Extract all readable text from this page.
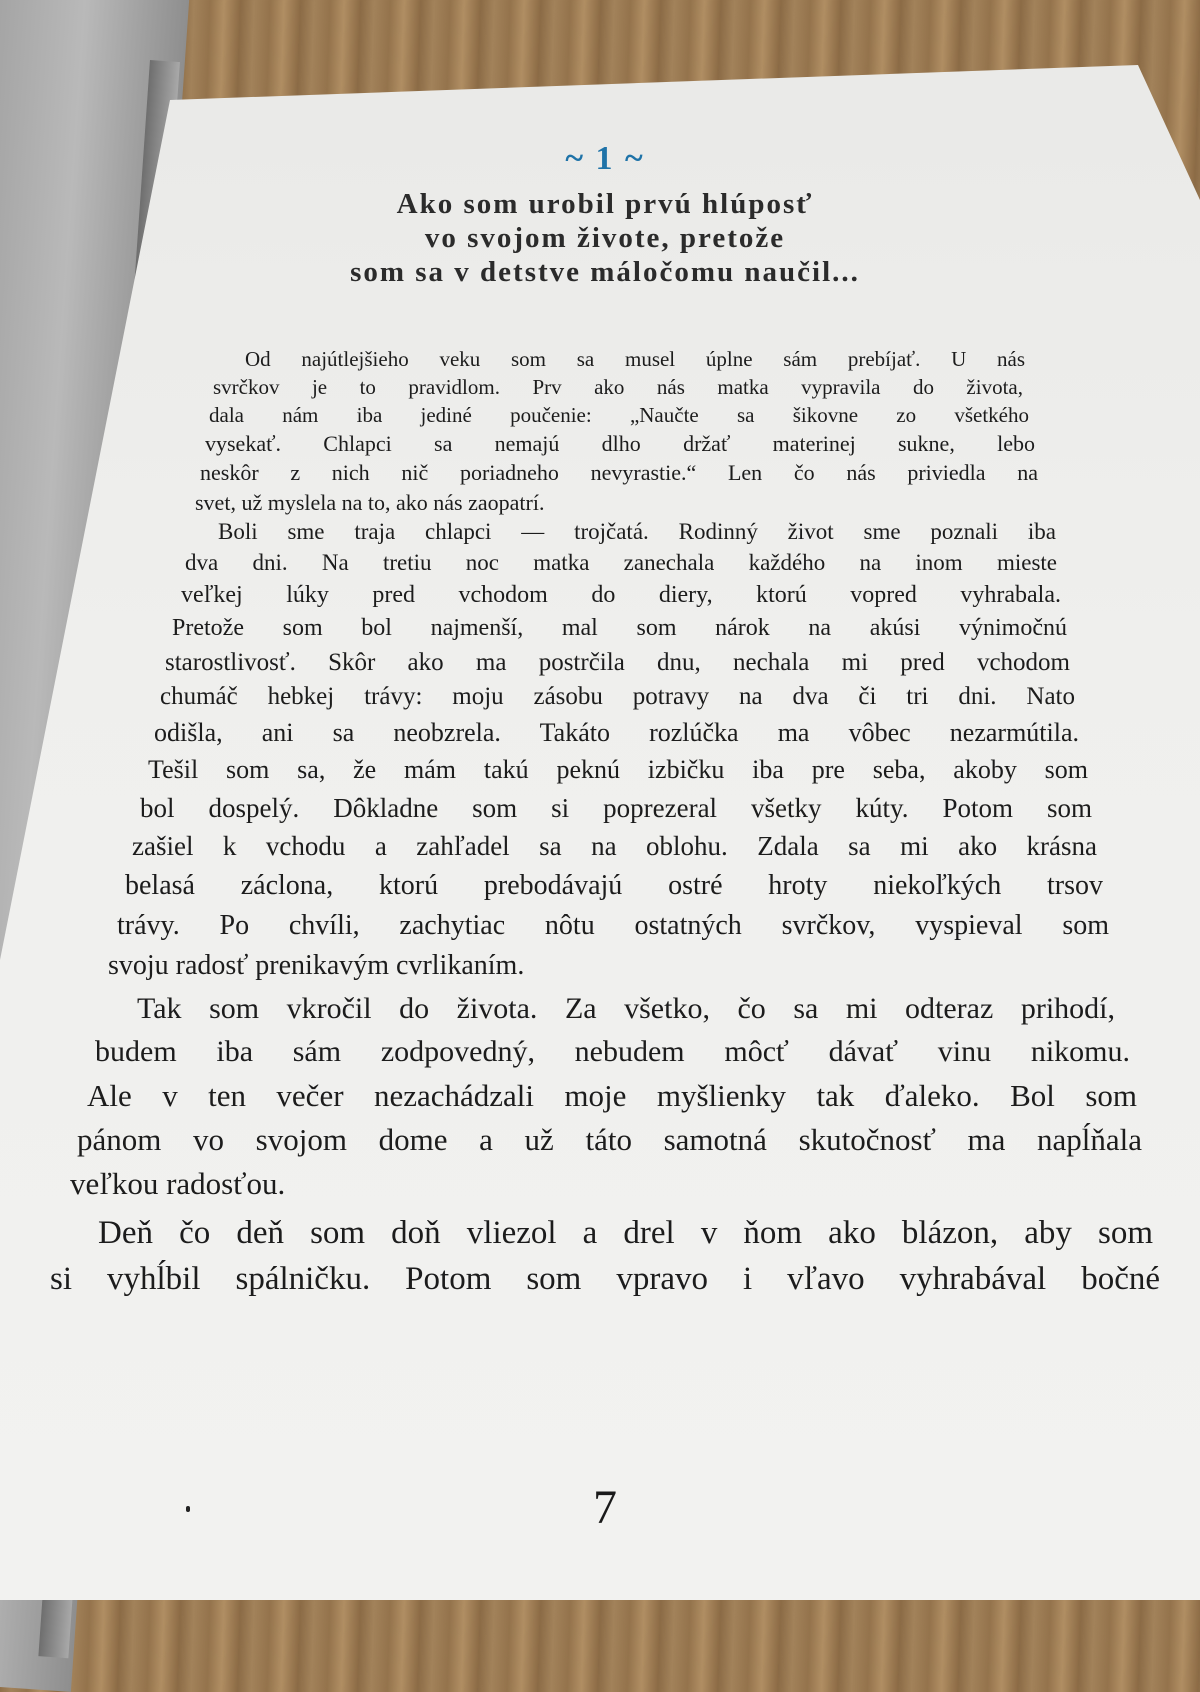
~ 1 ~
Ako som urobil prvú hlúposť
vo svojom živote, pretože
som sa v detstve máločomu naučil...
Od najútlejšieho veku som sa musel úplne sám prebíjať. U nás
svrčkov je to pravidlom. Prv ako nás matka vypravila do života,
dala nám iba jediné poučenie: „Naučte sa šikovne zo všetkého
vysekať. Chlapci sa nemajú dlho držať materinej sukne, lebo
neskôr z nich nič poriadneho nevyrastie.“ Len čo nás priviedla na
svet, už myslela na to, ako nás zaopatrí.
Boli sme traja chlapci — trojčatá. Rodinný život sme poznali iba
dva dni. Na tretiu noc matka zanechala každého na inom mieste
veľkej lúky pred vchodom do diery, ktorú vopred vyhrabala.
Pretože som bol najmenší, mal som nárok na akúsi výnimočnú
starostlivosť. Skôr ako ma postrčila dnu, nechala mi pred vchodom
chumáč hebkej trávy: moju zásobu potravy na dva či tri dni. Nato
odišla, ani sa neobzrela. Takáto rozlúčka ma vôbec nezarmútila.
Tešil som sa, že mám takú peknú izbičku iba pre seba, akoby som
bol dospelý. Dôkladne som si poprezeral všetky kúty. Potom som
zašiel k vchodu a zahľadel sa na oblohu. Zdala sa mi ako krásna
belasá záclona, ktorú prebodávajú ostré hroty niekoľkých trsov
trávy. Po chvíli, zachytiac nôtu ostatných svrčkov, vyspieval som
svoju radosť prenikavým cvrlikaním.
Tak som vkročil do života. Za všetko, čo sa mi odteraz prihodí,
budem iba sám zodpovedný, nebudem môcť dávať vinu nikomu.
Ale v ten večer nezachádzali moje myšlienky tak ďaleko. Bol som
pánom vo svojom dome a už táto samotná skutočnosť ma napĺňala
veľkou radosťou.
Deň čo deň som doň vliezol a drel v ňom ako blázon, aby som
si vyhĺbil spálničku. Potom som vpravo i vľavo vyhrabával bočné
7
